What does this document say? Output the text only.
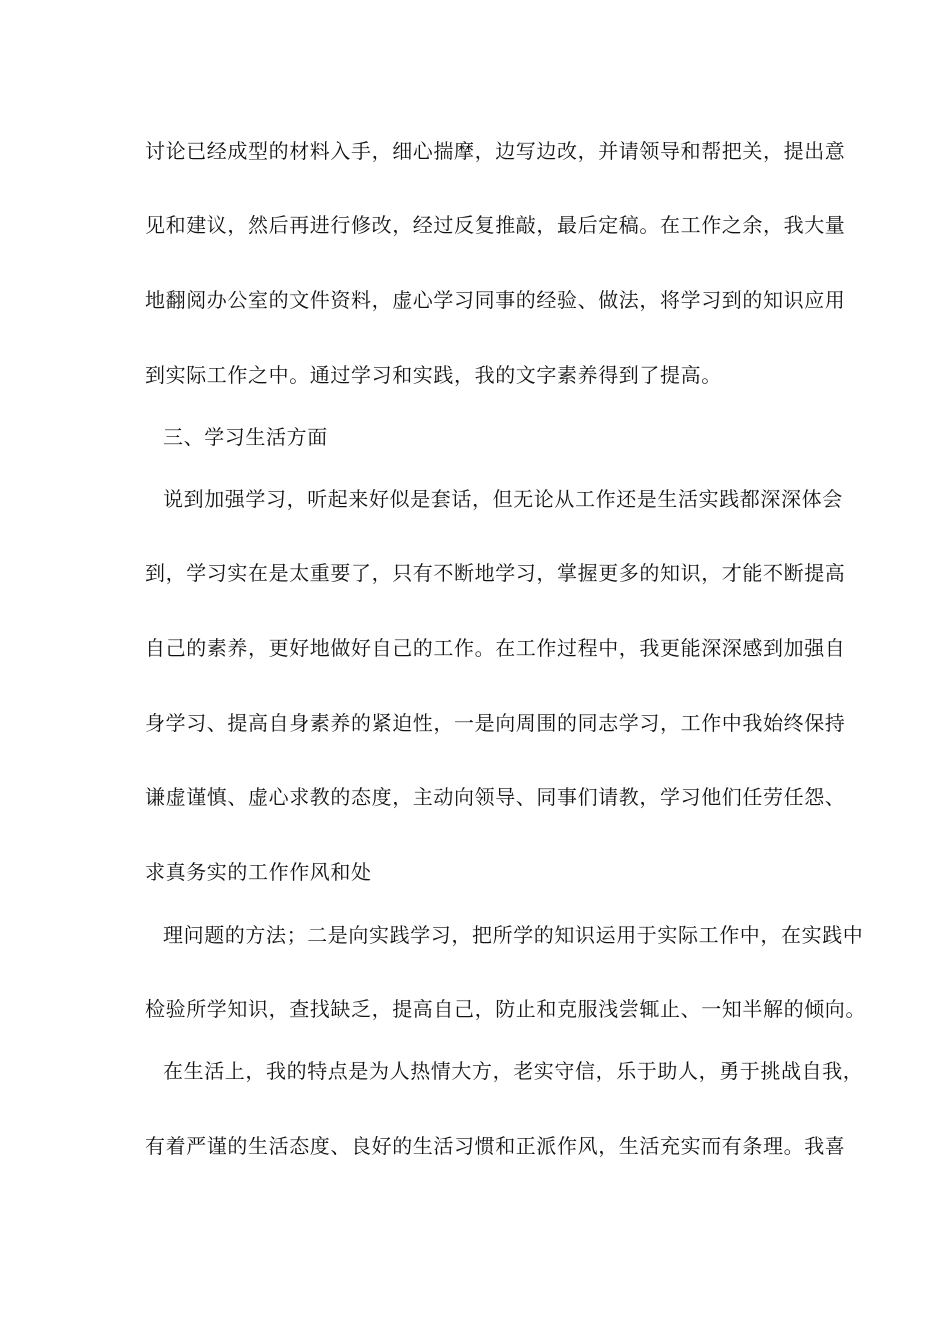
讨论已经成型的材料入手，细心揣摩，边写边改，并请领导和帮把关，提出意
见和建议，然后再进行修改，经过反复推敲，最后定稿。在工作之余，我大量
地翻阅办公室的文件资料，虚心学习同事的经验、做法，将学习到的知识应用
到实际工作之中。通过学习和实践，我的文字素养得到了提高。
三、学习生活方面
说到加强学习，听起来好似是套话，但无论从工作还是生活实践都深深体会
到，学习实在是太重要了，只有不断地学习，掌握更多的知识，才能不断提高
自己的素养，更好地做好自己的工作。在工作过程中，我更能深深感到加强自
身学习、提高自身素养的紧迫性，一是向周围的同志学习，工作中我始终保持
谦虚谨慎、虚心求教的态度，主动向领导、同事们请教，学习他们任劳任怨、
求真务实的工作作风和处
理问题的方法；二是向实践学习，把所学的知识运用于实际工作中，在实践中
检验所学知识，查找缺乏，提高自己，防止和克服浅尝辄止、一知半解的倾向。
在生活上，我的特点是为人热情大方，老实守信，乐于助人，勇于挑战自我，
有着严谨的生活态度、良好的生活习惯和正派作风，生活充实而有条理。我喜
